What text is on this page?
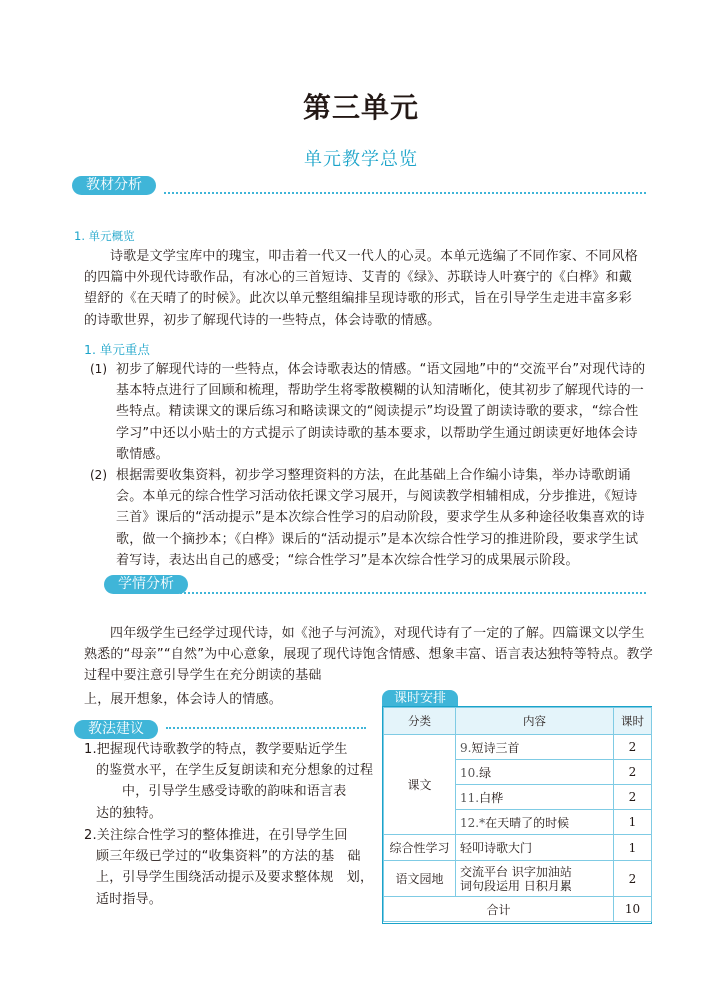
第三单元
单元教学总览
教材分析
1. 单元概览
诗歌是文学宝库中的瑰宝，叩击着一代又一代人的心灵。本单元选编了不同作家、不同风格
的四篇中外现代诗歌作品，有冰心的三首短诗、艾青的《绿》、苏联诗人叶赛宁的《白桦》和戴
望舒的《在天晴了的时候》。此次以单元整组编排呈现诗歌的形式，旨在引导学生走进丰富多彩
的诗歌世界，初步了解现代诗的一些特点，体会诗歌的情感。
1. 单元重点
(1) 初步了解现代诗的一些特点，体会诗歌表达的情感。“语文园地”中的“交流平台”对现代诗的
基本特点进行了回顾和梳理，帮助学生将零散模糊的认知清晰化，使其初步了解现代诗的一
些特点。精读课文的课后练习和略读课文的“阅读提示”均设置了朗读诗歌的要求，“综合性
学习”中还以小贴士的方式提示了朗读诗歌的基本要求，以帮助学生通过朗读更好地体会诗
歌情感。
(2) 根据需要收集资料，初步学习整理资料的方法，在此基础上合作编小诗集，举办诗歌朗诵
会。本单元的综合性学习活动依托课文学习展开，与阅读教学相辅相成，分步推进，《短诗
三首》课后的“活动提示”是本次综合性学习的启动阶段，要求学生从多种途径收集喜欢的诗
歌，做一个摘抄本；《白桦》课后的“活动提示”是本次综合性学习的推进阶段，要求学生试
着写诗，表达出自己的感受；“综合性学习”是本次综合性学习的成果展示阶段。
学情分析
四年级学生已经学过现代诗，如《池子与河流》，对现代诗有了一定的了解。四篇课文以学生
熟悉的“母亲”“自然”为中心意象，展现了现代诗饱含情感、想象丰富、语言表达独特等特点。教学
过程中要注意引导学生在充分朗读的基础
上，展开想象，体会诗人的情感。
教法建议
1.把握现代诗歌教学的特点，教学要贴近学生
的鉴赏水平，在学生反复朗读和充分想象的过程
中，引导学生感受诗歌的韵味和语言表
达的独特。
2.关注综合性学习的整体推进，在引导学生回
顾三年级已学过的“收集资料”的方法的基　础
上，引导学生围绕活动提示及要求整体规　划，
适时指导。
课时安排
分类	内容	课时
课文	9.短诗三首	2
	10.绿	2
	11.白桦	2
	12.*在天晴了的时候	1
综合性学习	轻叩诗歌大门	1
语文园地	交流平台 识字加油站
词句段运用 日积月累	2
合计		10
